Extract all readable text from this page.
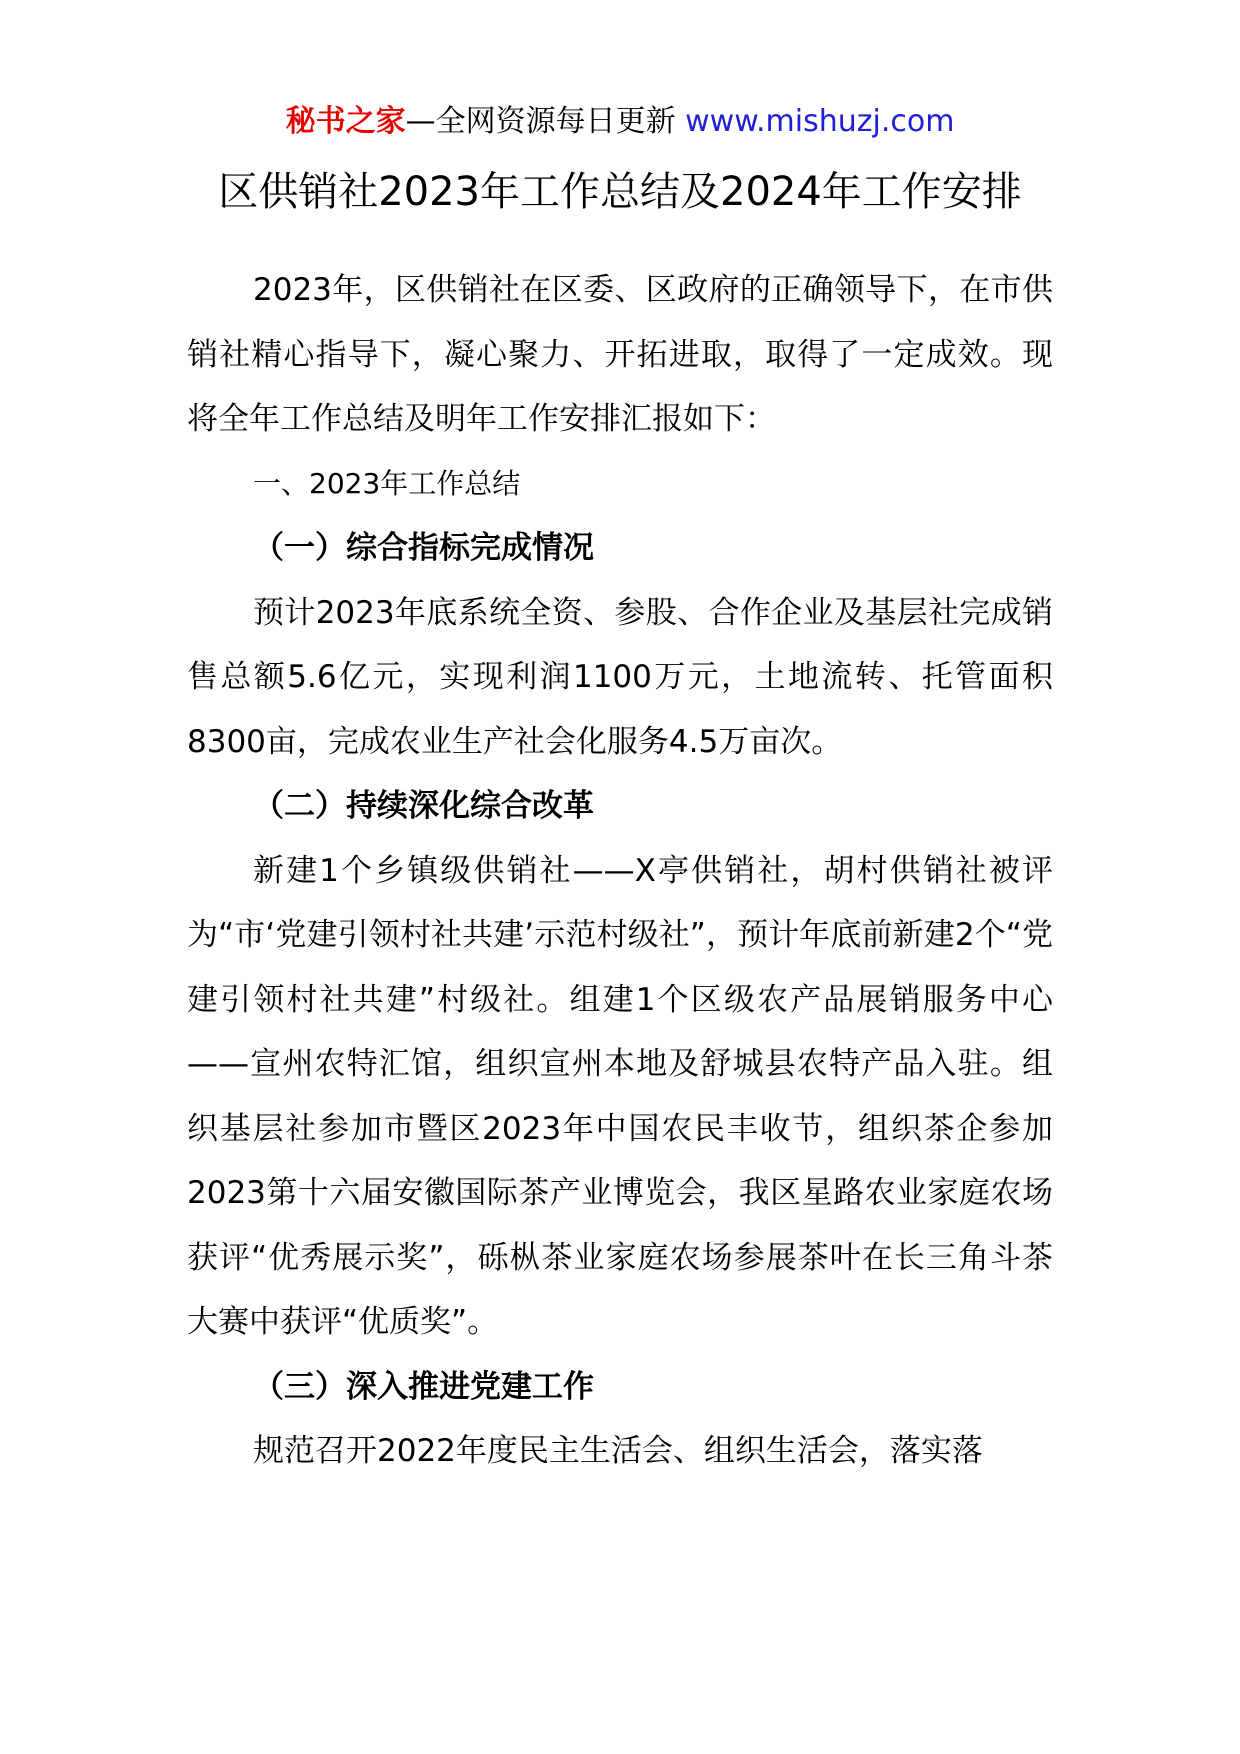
秘书之家—全网资源每日更新 www.mishuzj.com
区供销社2023年工作总结及2024年工作安排

2023年，区供销社在区委、区政府的正确领导下，在市供销社精心指导下，凝心聚力、开拓进取，取得了一定成效。现将全年工作总结及明年工作安排汇报如下：

一、2023年工作总结

（一）综合指标完成情况

预计2023年底系统全资、参股、合作企业及基层社完成销售总额5.6亿元，实现利润1100万元，土地流转、托管面积8300亩，完成农业生产社会化服务4.5万亩次。

（二）持续深化综合改革

新建1个乡镇级供销社——X亭供销社，胡村供销社被评为“市‘党建引领村社共建’示范村级社”，预计年底前新建2个“党建引领村社共建”村级社。组建1个区级农产品展销服务中心——宣州农特汇馆，组织宣州本地及舒城县农特产品入驻。组织基层社参加市暨区2023年中国农民丰收节，组织茶企参加2023第十六届安徽国际茶产业博览会，我区星路农业家庭农场获评“优秀展示奖”，砾枞茶业家庭农场参展茶叶在长三角斗茶大赛中获评“优质奖”。

（三）深入推进党建工作

规范召开2022年度民主生活会、组织生活会，落实落
